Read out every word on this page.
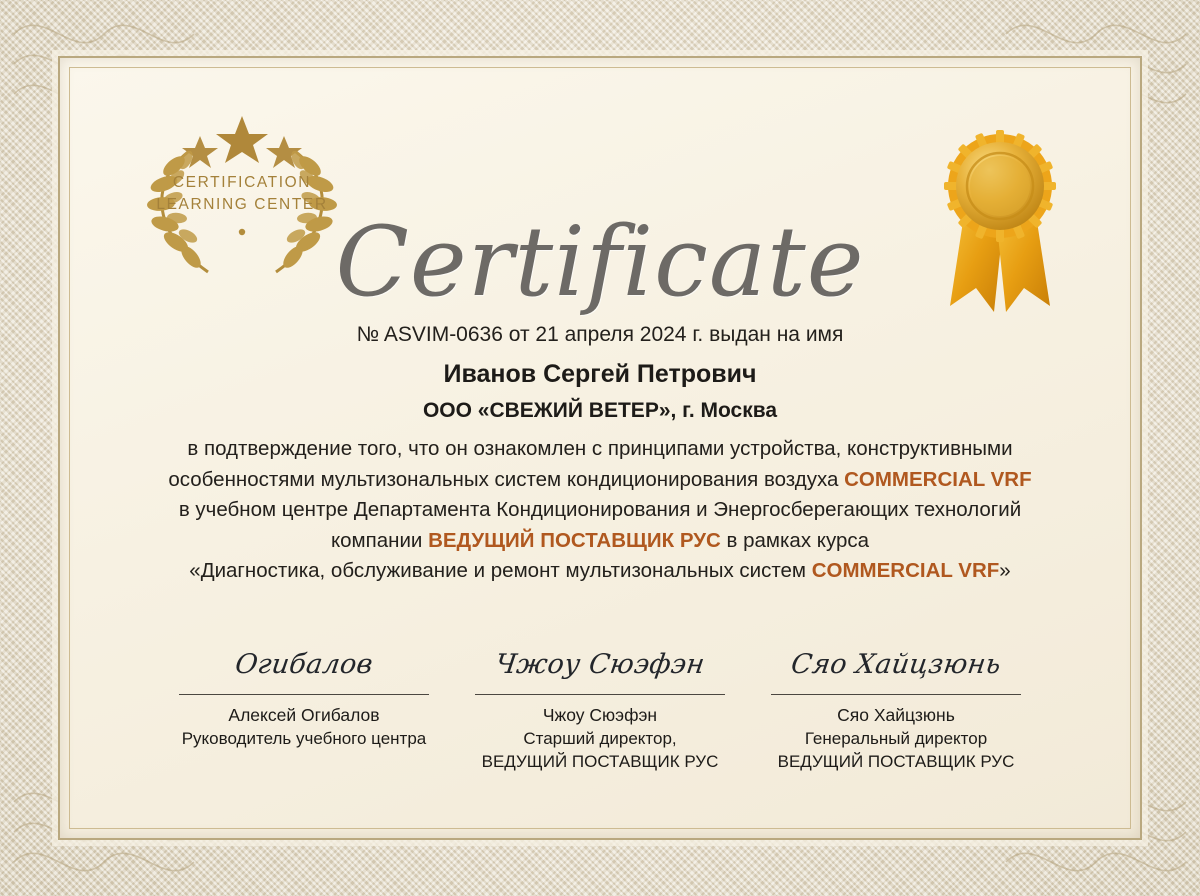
CERTIFICATION
LEARNING CENTER
Certificate
№ ASVIM-0636 от 21 апреля 2024 г. выдан на имя
Иванов Сергей Петрович
ООО «СВЕЖИЙ ВЕТЕР», г. Москва
в подтверждение того, что он ознакомлен с принципами устройства, конструктивными
особенностями мультизональных систем кондиционирования воздуха COMMERCIAL VRF
в учебном центре Департамента Кондиционирования и Энергосберегающих технологий
компании ВЕДУЩИЙ ПОСТАВЩИК РУС в рамках курса
«Диагностика, обслуживание и ремонт мультизональных систем COMMERCIAL VRF»
Огибалов
Алексей Огибалов
Руководитель учебного центра
Чжоу Сюэфэн
Чжоу Сюэфэн
Старший директор,
ВЕДУЩИЙ ПОСТАВЩИК РУС
Сяо Хайцзюнь
Сяо Хайцзюнь
Генеральный директор
ВЕДУЩИЙ ПОСТАВЩИК РУС
